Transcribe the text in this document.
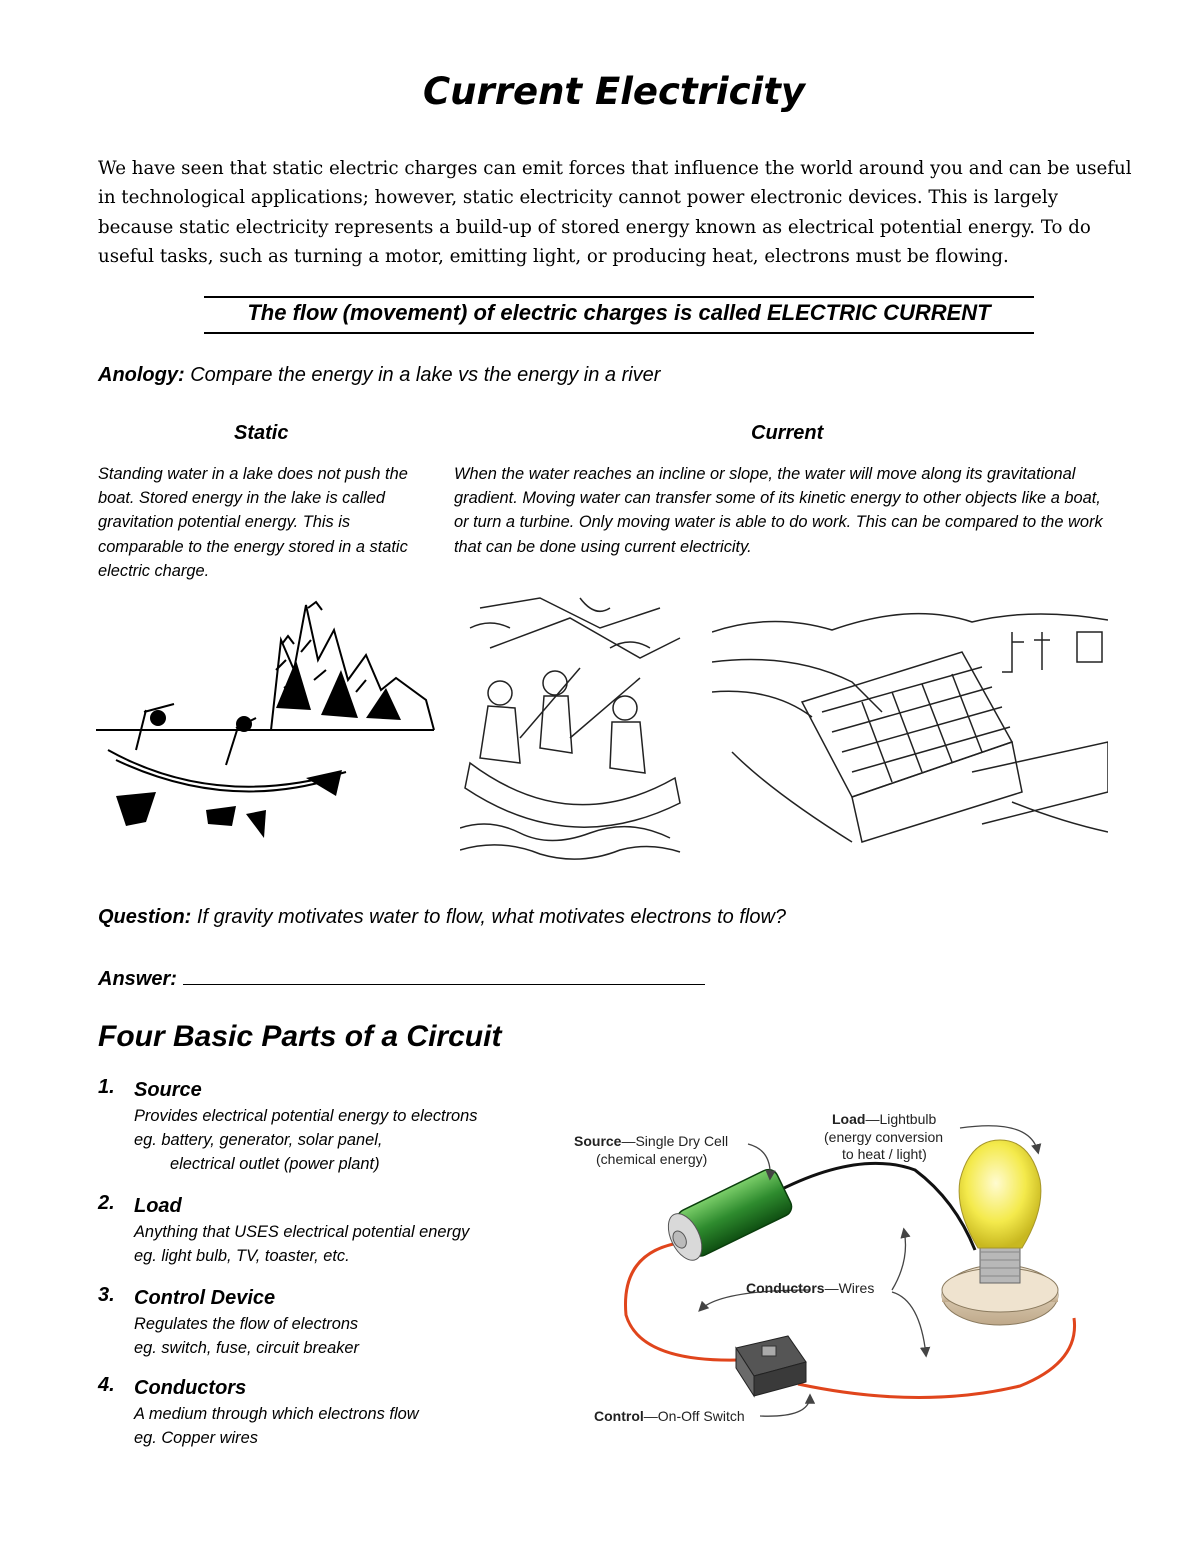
Current Electricity

We have seen that static electric charges can emit forces that influence the world around you and can be useful in technological applications; however, static electricity cannot power electronic devices. This is largely because static electricity represents a build-up of stored energy known as electrical potential energy. To do useful tasks, such as turning a motor, emitting light, or producing heat, electrons must be flowing.

The flow (movement) of electric charges is called ELECTRIC CURRENT
Anology: Compare the energy in a lake vs the energy in a river
Static	Current

Standing water in a lake does not push the boat. Stored energy in the lake is called gravitation potential energy. This is comparable to the energy stored in a static electric charge.

When the water reaches an incline or slope, the water will move along its gravitational gradient. Moving water can transfer some of its kinetic energy to other objects like a boat, or turn a turbine. Only moving water is able to do work. This can be compared to the work that can be done using current electricity.

Question: If gravity motivates water to flow, what motivates electrons to flow?
Answer:
Four Basic Parts of a Circuit
1. Source
Provides electrical potential energy to electrons
eg. battery, generator, solar panel,
electrical outlet (power plant)
2. Load
Anything that USES electrical potential energy
eg. light bulb, TV, toaster, etc.
3. Control Device
Regulates the flow of electrons
eg. switch, fuse, circuit breaker
4. Conductors
A medium through which electrons flow
eg. Copper wires
Source—Single Dry Cell
(chemical energy)
Load—Lightbulb
(energy conversion
to heat / light)
Conductors—Wires
Control—On-Off Switch
